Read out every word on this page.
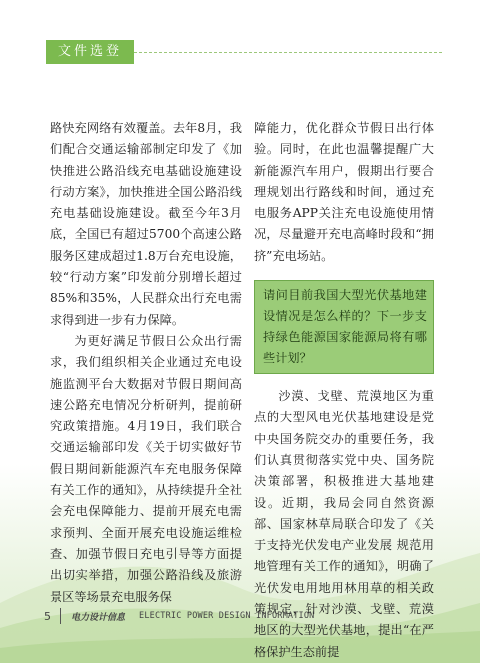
文件选登

路快充网络有效覆盖。去年8月，我们配合交通运输部制定印发了《加快推进公路沿线充电基础设施建设行动方案》，加快推进全国公路沿线充电基础设施建设。截至今年3月底，全国已有超过5700个高速公路服务区建成超过1.8万台充电设施，较“行动方案”印发前分别增长超过85%和35%，人民群众出行充电需求得到进一步有力保障。

为更好满足节假日公众出行需求，我们组织相关企业通过充电设施监测平台大数据对节假日期间高速公路充电情况分析研判，提前研究政策措施。4月19日，我们联合交通运输部印发《关于切实做好节假日期间新能源汽车充电服务保障有关工作的通知》，从持续提升全社会充电保障能力、提前开展充电需求预判、全面开展充电设施运维检查、加强节假日充电引导等方面提出切实举措，加强公路沿线及旅游景区等场景充电服务保

障能力，优化群众节假日出行体验。同时，在此也温馨提醒广大新能源汽车用户，假期出行要合理规划出行路线和时间，通过充电服务APP关注充电设施使用情况，尽量避开充电高峰时段和“拥挤”充电场站。

请问目前我国大型光伏基地建设情况是怎么样的？下一步支持绿色能源国家能源局将有哪些计划？

沙漠、戈壁、荒漠地区为重点的大型风电光伏基地建设是党中央国务院交办的重要任务，我们认真贯彻落实党中央、国务院决策部署，积极推进大基地建设。近期，我局会同自然资源部、国家林草局联合印发了《关于支持光伏发电产业发展 规范用地管理有关工作的通知》，明确了光伏发电用地用林用草的相关政策规定，针对沙漠、戈壁、荒漠地区的大型光伏基地，提出“在严格保护生态前提

5	电力设计信息 ELECTRIC POWER DESIGN INFORMATION
